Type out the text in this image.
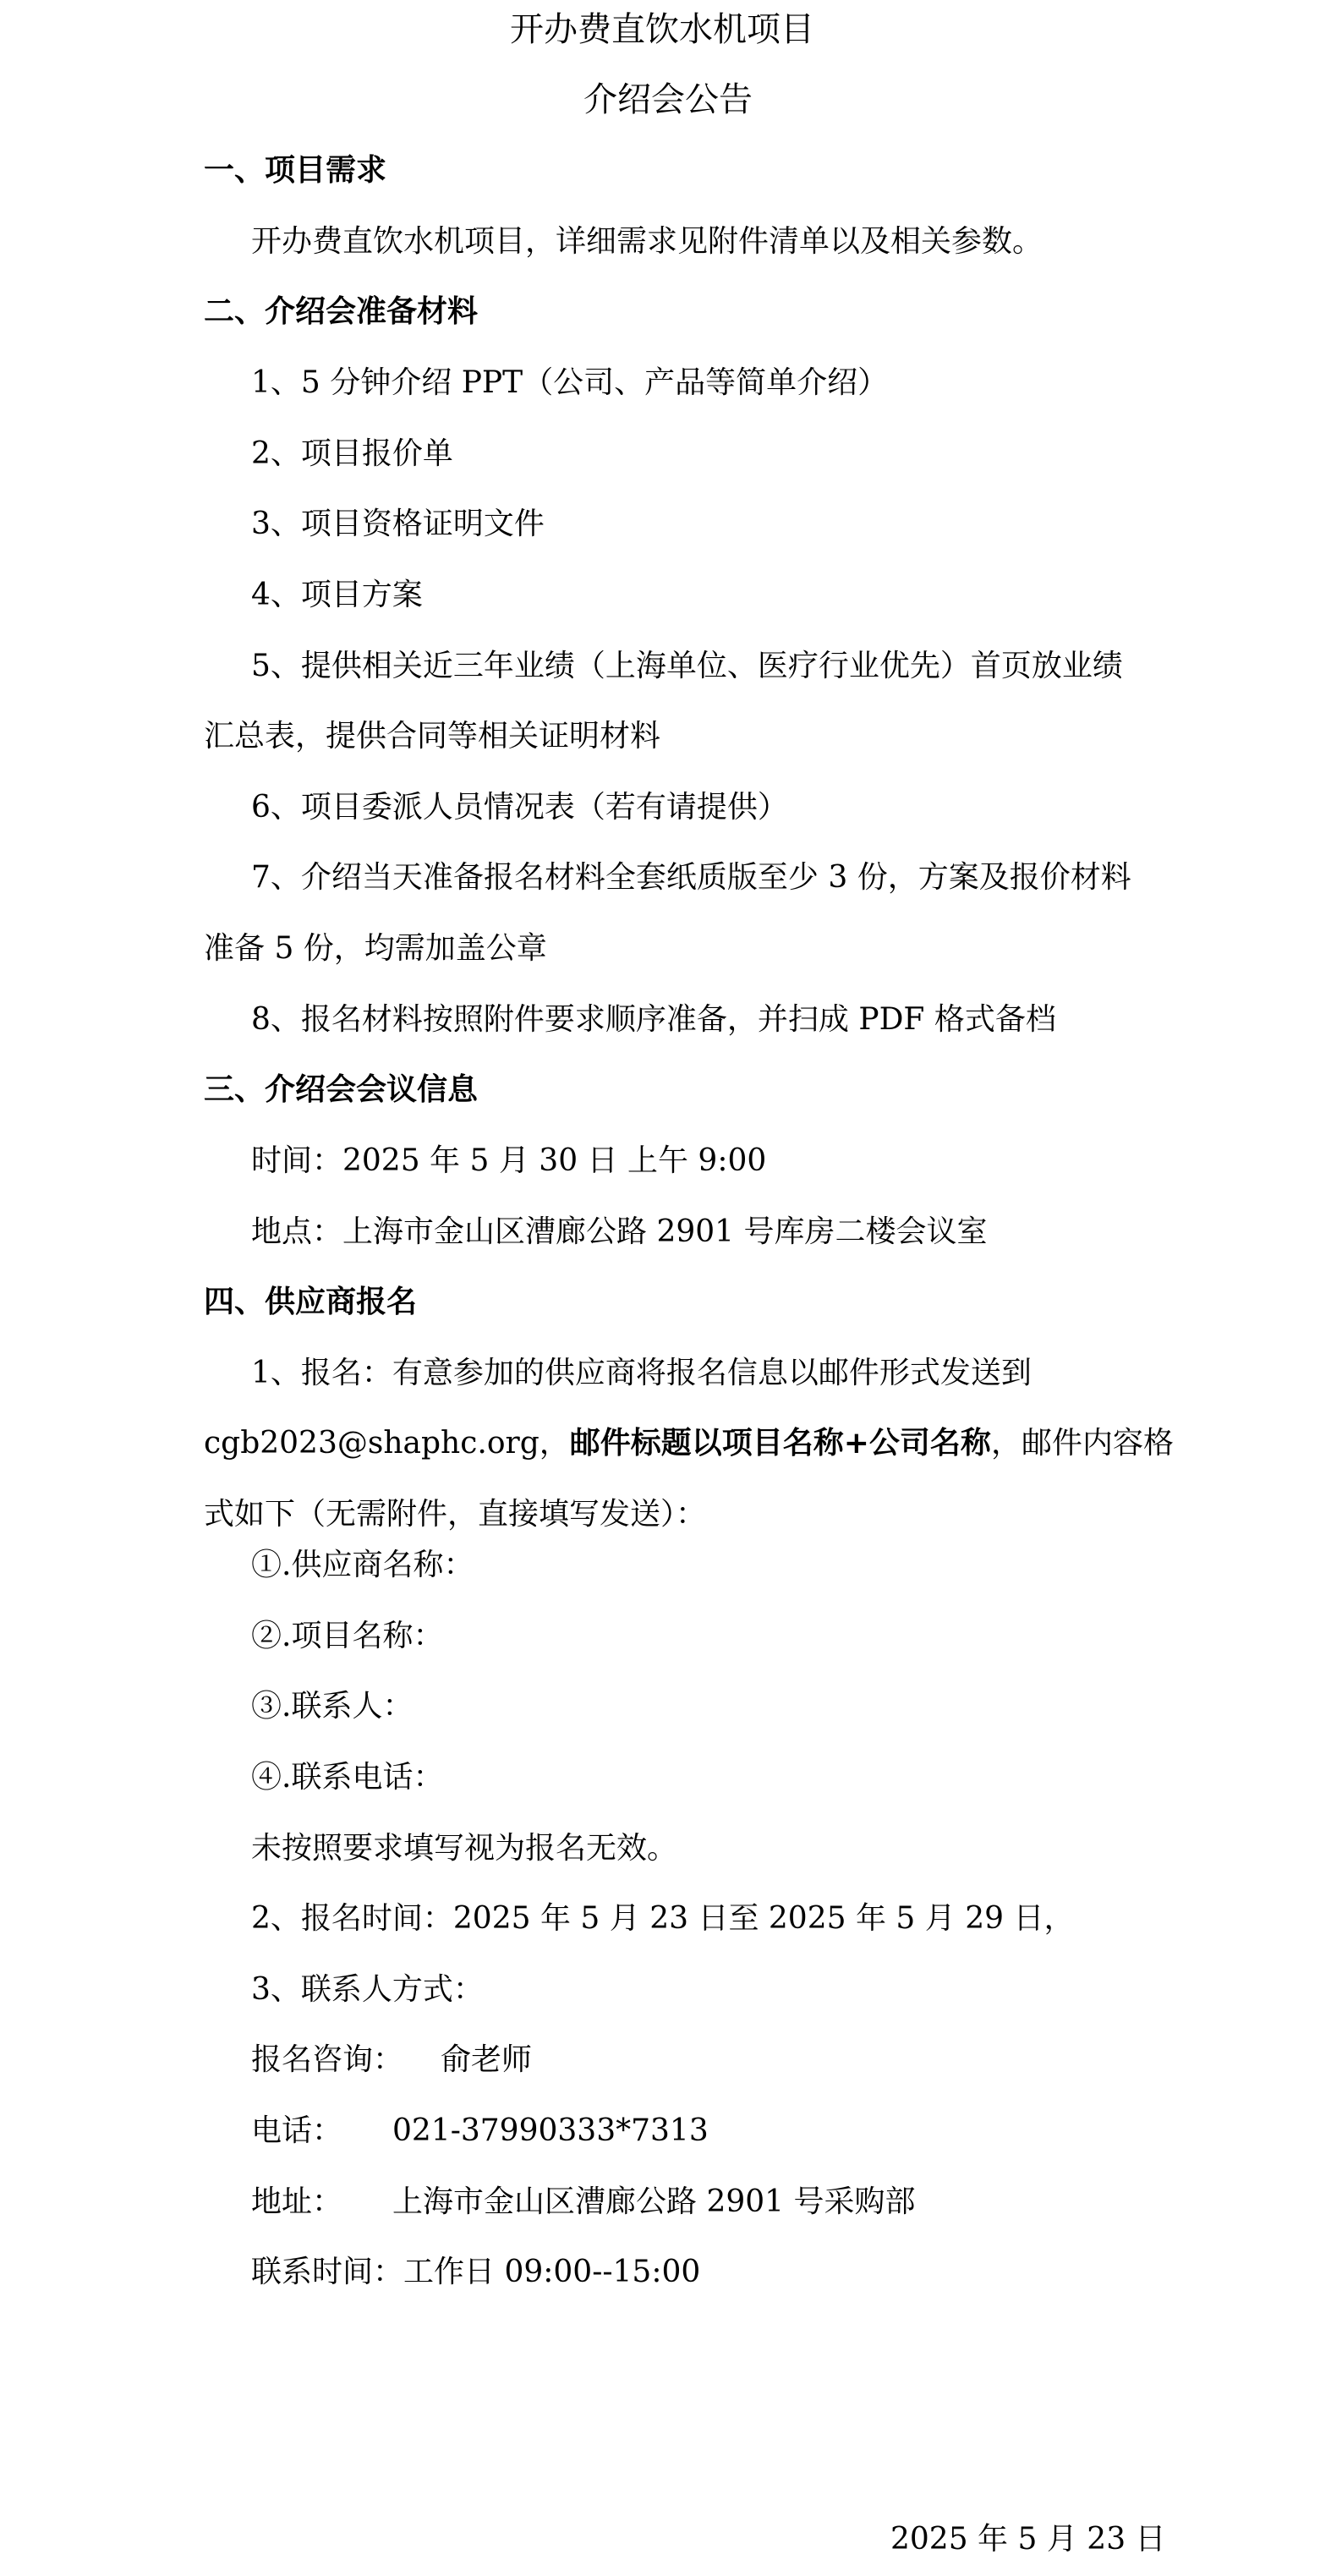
开办费直饮水机项目
介绍会公告
一、项目需求
开办费直饮水机项目，详细需求见附件清单以及相关参数。
二、介绍会准备材料
1、5 分钟介绍 PPT（公司、产品等简单介绍）
2、项目报价单
3、项目资格证明文件
4、项目方案
5、提供相关近三年业绩（上海单位、医疗行业优先）首页放业绩
汇总表，提供合同等相关证明材料
6、项目委派人员情况表（若有请提供）
7、介绍当天准备报名材料全套纸质版至少 3 份，方案及报价材料
准备 5 份，均需加盖公章
8、报名材料按照附件要求顺序准备，并扫成 PDF 格式备档
三、介绍会会议信息
时间：2025 年 5 月 30 日 上午 9:00
地点：上海市金山区漕廊公路 2901 号库房二楼会议室
四、供应商报名
1、报名：有意参加的供应商将报名信息以邮件形式发送到
cgb2023@shaphc.org，邮件标题以项目名称+公司名称，邮件内容格
式如下（无需附件，直接填写发送）：
①.供应商名称：
②.项目名称：
③.联系人：
④.联系电话：
未按照要求填写视为报名无效。
2、报名时间：2025 年 5 月 23 日至 2025 年 5 月 29 日，
3、联系人方式：
报名咨询： 俞老师
电话： 021-37990333*7313
地址： 上海市金山区漕廊公路 2901 号采购部
联系时间：工作日 09:00--15:00
2025 年 5 月 23 日
